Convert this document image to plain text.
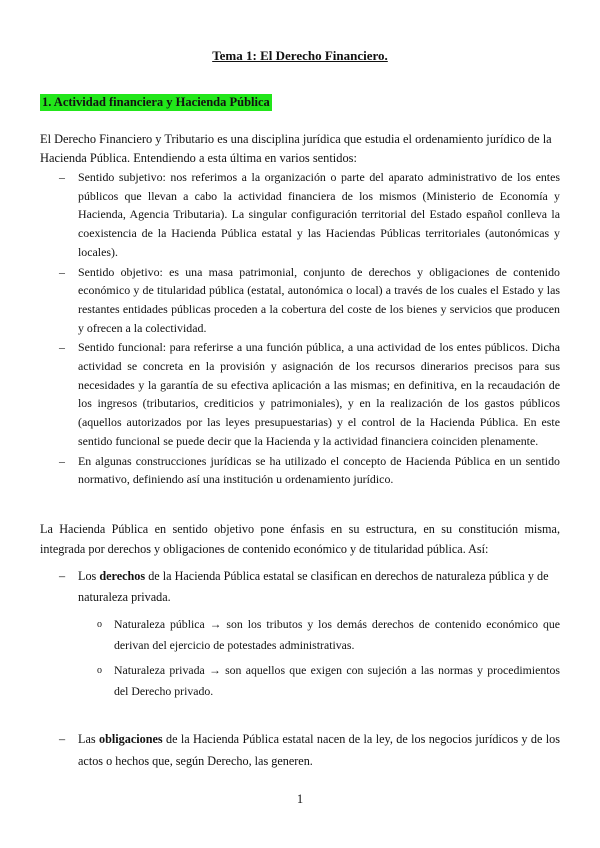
Tema 1: El Derecho Financiero.
1. Actividad financiera y Hacienda Pública
El Derecho Financiero y Tributario es una disciplina jurídica que estudia el ordenamiento jurídico de la Hacienda Pública. Entendiendo a esta última en varios sentidos:
– Sentido subjetivo: nos referimos a la organización o parte del aparato administrativo de los entes públicos que llevan a cabo la actividad financiera de los mismos (Ministerio de Economía y Hacienda, Agencia Tributaria). La singular configuración territorial del Estado español conlleva la coexistencia de la Hacienda Pública estatal y las Haciendas Públicas territoriales (autonómicas y locales).
– Sentido objetivo: es una masa patrimonial, conjunto de derechos y obligaciones de contenido económico y de titularidad pública (estatal, autonómica o local) a través de los cuales el Estado y las restantes entidades públicas proceden a la cobertura del coste de los bienes y servicios que producen y ofrecen a la colectividad.
– Sentido funcional: para referirse a una función pública, a una actividad de los entes públicos. Dicha actividad se concreta en la provisión y asignación de los recursos dinerarios precisos para sus necesidades y la garantía de su efectiva aplicación a las mismas; en definitiva, en la recaudación de los ingresos (tributarios, crediticios y patrimoniales), y en la realización de los gastos públicos (aquellos autorizados por las leyes presupuestarias) y el control de la Hacienda Pública. En este sentido funcional se puede decir que la Hacienda y la actividad financiera coinciden plenamente.
– En algunas construcciones jurídicas se ha utilizado el concepto de Hacienda Pública en un sentido normativo, definiendo así una institución u ordenamiento jurídico.
La Hacienda Pública en sentido objetivo pone énfasis en su estructura, en su constitución misma, integrada por derechos y obligaciones de contenido económico y de titularidad pública. Así:
– Los derechos de la Hacienda Pública estatal se clasifican en derechos de naturaleza pública y de naturaleza privada.
o Naturaleza pública → son los tributos y los demás derechos de contenido económico que derivan del ejercicio de potestades administrativas.
o Naturaleza privada → son aquellos que exigen con sujeción a las normas y procedimientos del Derecho privado.
– Las obligaciones de la Hacienda Pública estatal nacen de la ley, de los negocios jurídicos y de los actos o hechos que, según Derecho, las generen.
1
